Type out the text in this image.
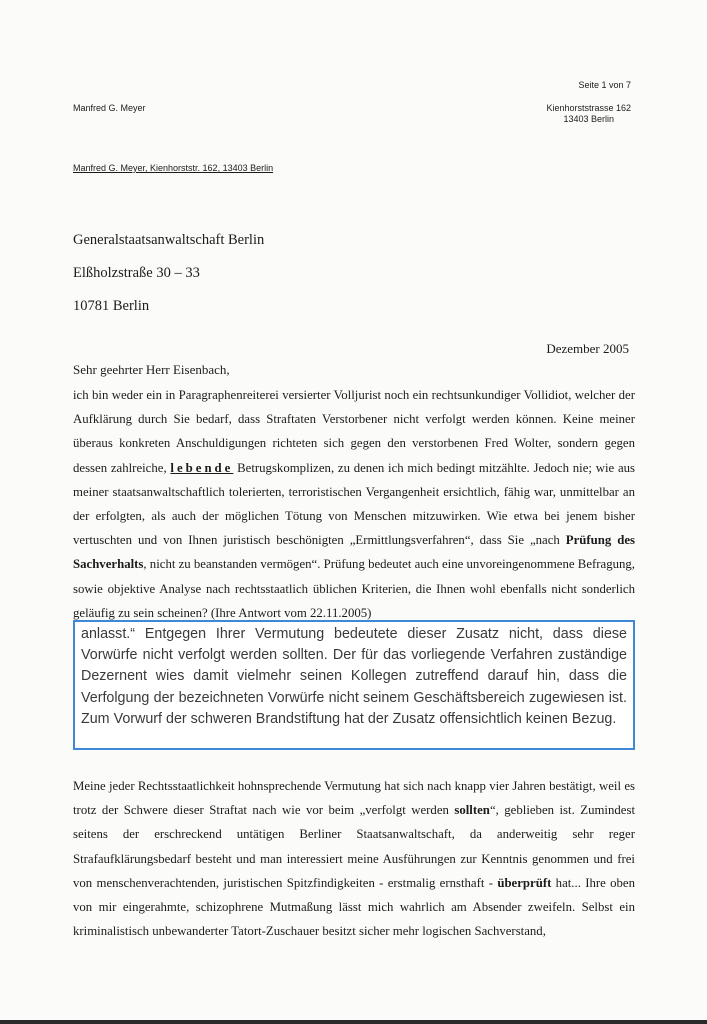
Seite 1 von 7
Manfred G. Meyer	Kienhorststrasse 162
13403 Berlin
Manfred G. Meyer, Kienhorststr. 162, 13403 Berlin
Generalstaatsanwaltschaft Berlin
Elßholzstraße 30 – 33
10781 Berlin
Dezember 2005
Sehr geehrter Herr Eisenbach,
ich bin weder ein in Paragraphenreiterei versierter Volljurist noch ein rechtsunkundiger Vollidiot, welcher der Aufklärung durch Sie bedarf, dass Straftaten Verstorbener nicht verfolgt werden können. Keine meiner überaus konkreten Anschuldigungen richteten sich gegen den verstorbenen Fred Wolter, sondern gegen dessen zahlreiche, lebende Betrugskomplizen, zu denen ich mich bedingt mitzählte. Jedoch nie; wie aus meiner staatsanwaltschaftlich tolerierten, terroristischen Vergangenheit ersichtlich, fähig war, unmittelbar an der erfolgten, als auch der möglichen Tötung von Menschen mitzuwirken. Wie etwa bei jenem bisher vertuschten und von Ihnen juristisch beschönigten „Ermittlungsverfahren“, dass Sie „nach Prüfung des Sachverhalts, nicht zu beanstanden vermögen“. Prüfung bedeutet auch eine unvoreingenommene Befragung, sowie objektive Analyse nach rechtsstaatlich üblichen Kriterien, die Ihnen wohl ebenfalls nicht sonderlich geläufig zu sein scheinen? (Ihre Antwort vom 22.11.2005)
anlasst.“ Entgegen Ihrer Vermutung bedeutete dieser Zusatz nicht, dass diese Vorwürfe nicht verfolgt werden sollten. Der für das vorliegende Verfahren zuständige Dezernent wies damit vielmehr seinen Kollegen zutreffend darauf hin, dass die Verfolgung der bezeichneten Vorwürfe nicht seinem Geschäftsbereich zugewiesen ist. Zum Vorwurf der schweren Brandstiftung hat der Zusatz offensichtlich keinen Bezug.
Meine jeder Rechtsstaatlichkeit hohnsprechende Vermutung hat sich nach knapp vier Jahren bestätigt, weil es trotz der Schwere dieser Straftat nach wie vor beim „verfolgt werden sollten“, geblieben ist. Zumindest seitens der erschreckend untätigen Berliner Staatsanwaltschaft, da anderweitig sehr reger Strafaufklärungsbedarf besteht und man interessiert meine Ausführungen zur Kenntnis genommen und frei von menschenverachtenden, juristischen Spitzfindigkeiten - erstmalig ernsthaft - überprüft hat... Ihre oben von mir eingerahmte, schizophrene Mutmaßung lässt mich wahrlich am Absender zweifeln. Selbst ein kriminalistisch unbewanderter Tatort-Zuschauer besitzt sicher mehr logischen Sachverstand,
